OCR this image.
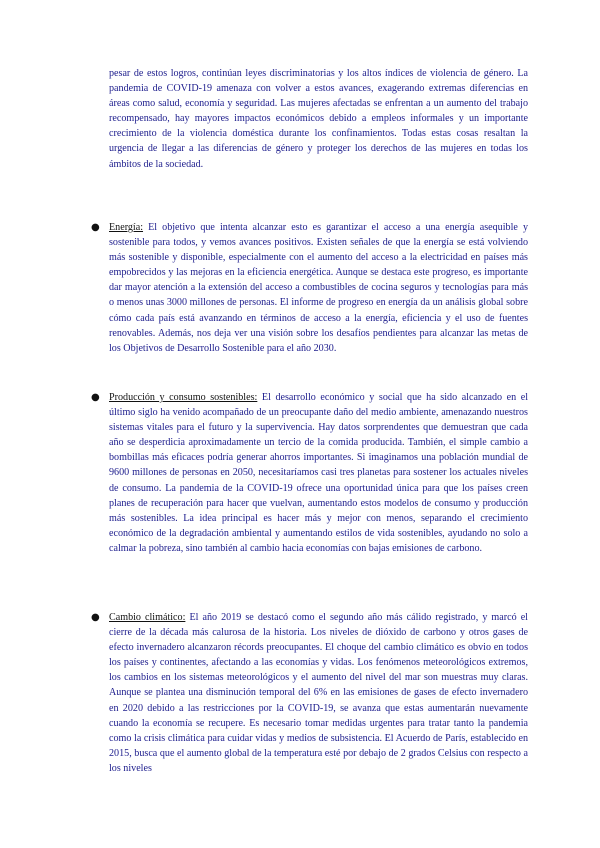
pesar de estos logros, continúan leyes discriminatorias y los altos índices de violencia de género. La pandemia de COVID-19 amenaza con volver a estos avances, exagerando extremas diferencias en áreas como salud, economía y seguridad. Las mujeres afectadas se enfrentan a un aumento del trabajo recompensado, hay mayores impactos económicos debido a empleos informales y un importante crecimiento de la violencia doméstica durante los confinamientos. Todas estas cosas resaltan la urgencia de llegar a las diferencias de género y proteger los derechos de las mujeres en todas los ámbitos de la sociedad.

● Energía: El objetivo que intenta alcanzar esto es garantizar el acceso a una energía asequible y sostenible para todos, y vemos avances positivos. Existen señales de que la energía se está volviendo más sostenible y disponible, especialmente con el aumento del acceso a la electricidad en países más empobrecidos y las mejoras en la eficiencia energética. Aunque se destaca este progreso, es importante dar mayor atención a la extensión del acceso a combustibles de cocina seguros y tecnologías para más o menos unas 3000 millones de personas. El informe de progreso en energía da un análisis global sobre cómo cada país está avanzando en términos de acceso a la energía, eficiencia y el uso de fuentes renovables. Además, nos deja ver una visión sobre los desafíos pendientes para alcanzar las metas de los Objetivos de Desarrollo Sostenible para el año 2030.
● Producción y consumo sostenibles: El desarrollo económico y social que ha sido alcanzado en el último siglo ha venido acompañado de un preocupante daño del medio ambiente, amenazando nuestros sistemas vitales para el futuro y la supervivencia. Hay datos sorprendentes que demuestran que cada año se desperdicia aproximadamente un tercio de la comida producida. También, el simple cambio a bombillas más eficaces podría generar ahorros importantes. Si imaginamos una población mundial de 9600 millones de personas en 2050, necesitaríamos casi tres planetas para sostener los actuales niveles de consumo. La pandemia de la COVID-19 ofrece una oportunidad única para que los países creen planes de recuperación para hacer que vuelvan, aumentando estos modelos de consumo y producción más sostenibles. La idea principal es hacer más y mejor con menos, separando el crecimiento económico de la degradación ambiental y aumentando estilos de vida sostenibles, ayudando no solo a calmar la pobreza, sino también al cambio hacia economías con bajas emisiones de carbono.
● Cambio climático: El año 2019 se destacó como el segundo año más cálido registrado, y marcó el cierre de la década más calurosa de la historia. Los niveles de dióxido de carbono y otros gases de efecto invernadero alcanzaron récords preocupantes. El choque del cambio climático es obvio en todos los países y continentes, afectando a las economías y vidas. Los fenómenos meteorológicos extremos, los cambios en los sistemas meteorológicos y el aumento del nivel del mar son muestras muy claras. Aunque se planteа una disminución temporal del 6% en las emisiones de gases de efecto invernadero en 2020 debido a las restricciones por la COVID-19, se avanza que estas aumentarán nuevamente cuando la economía se recupere. Es necesario tomar medidas urgentes para tratar tanto la pandemia como la crisis climática para cuidar vidas y medios de subsistencia. El Acuerdo de París, establecido en 2015, busca que el aumento global de la temperatura esté por debajo de 2 grados Celsius con respecto a los niveles
